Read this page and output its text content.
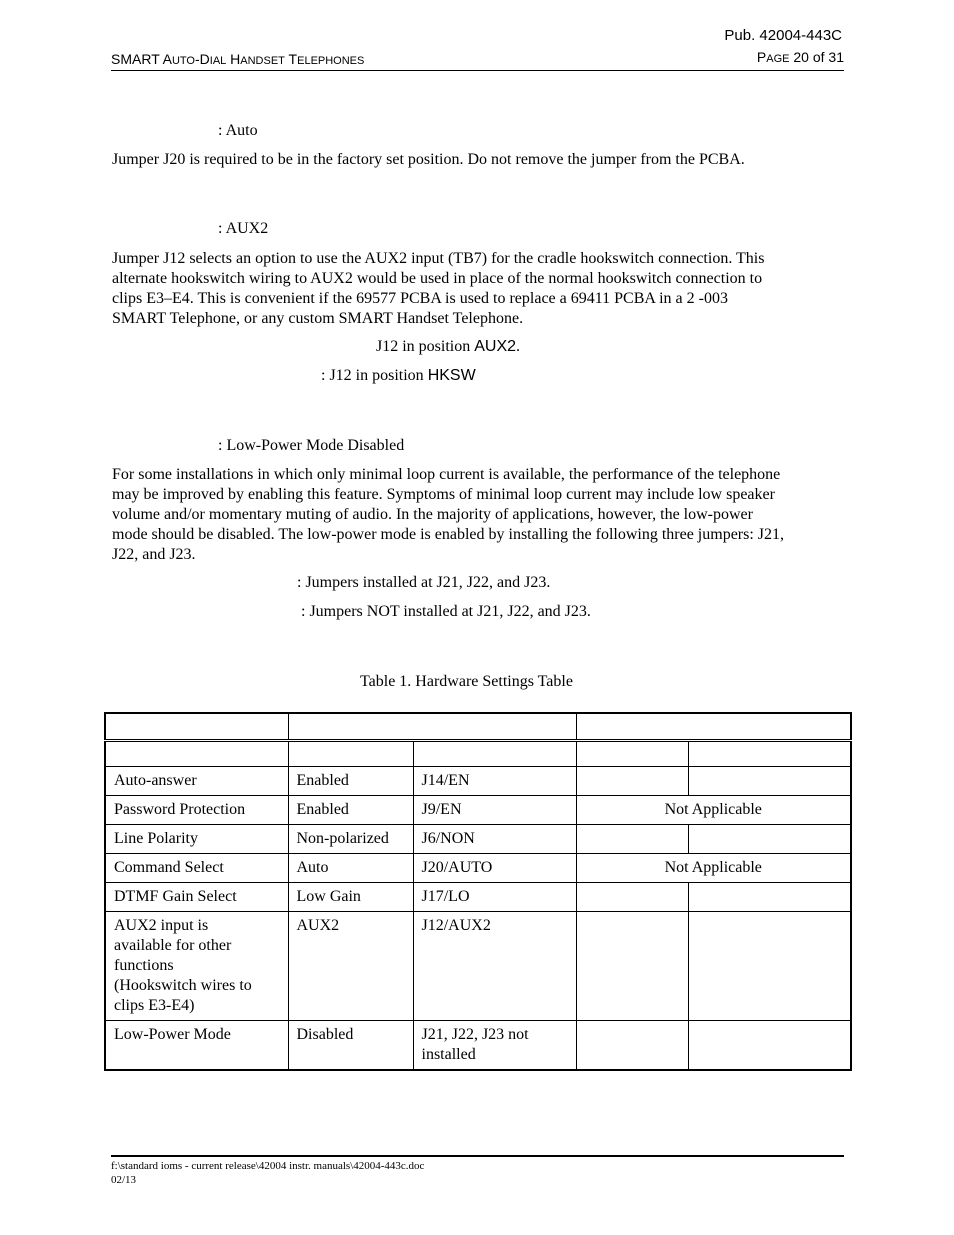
Pub. 42004-443C
SMART AUTO-DIAL HANDSET TELEPHONES	PAGE 20 of 31
: Auto
Jumper J20 is required to be in the factory set position. Do not remove the jumper from the PCBA.
: AUX2
Jumper J12 selects an option to use the AUX2 input (TB7) for the cradle hookswitch connection. This
alternate hookswitch wiring to AUX2 would be used in place of the normal hookswitch connection to
clips E3–E4. This is convenient if the 69577 PCBA is used to replace a 69411 PCBA in a 2 -003
SMART Telephone, or any custom SMART Handset Telephone.
J12 in position AUX2.
: J12 in position HKSW
: Low-Power Mode Disabled
For some installations in which only minimal loop current is available, the performance of the telephone
may be improved by enabling this feature. Symptoms of minimal loop current may include low speaker
volume and/or momentary muting of audio. In the majority of applications, however, the low-power
mode should be disabled. The low-power mode is enabled by installing the following three jumpers: J21,
J22, and J23.
: Jumpers installed at J21, J22, and J23.
: Jumpers NOT installed at J21, J22, and J23.
Table 1. Hardware Settings Table

Auto-answer	Enabled	J14/EN		

Password Protection	Enabled	J9/EN	Not Applicable	

Line Polarity	Non-polarized	J6/NON		

Command Select	Auto	J20/AUTO	Not Applicable	

DTMF Gain Select	Low Gain	J17/LO		

AUX2 input is
available for other
functions
(Hookswitch wires to
clips E3-E4)	AUX2	J12/AUX2		

Low-Power Mode	Disabled	J21, J22, J23 not
installed		

f:\standard ioms - current release\42004 instr. manuals\42004-443c.doc
02/13
